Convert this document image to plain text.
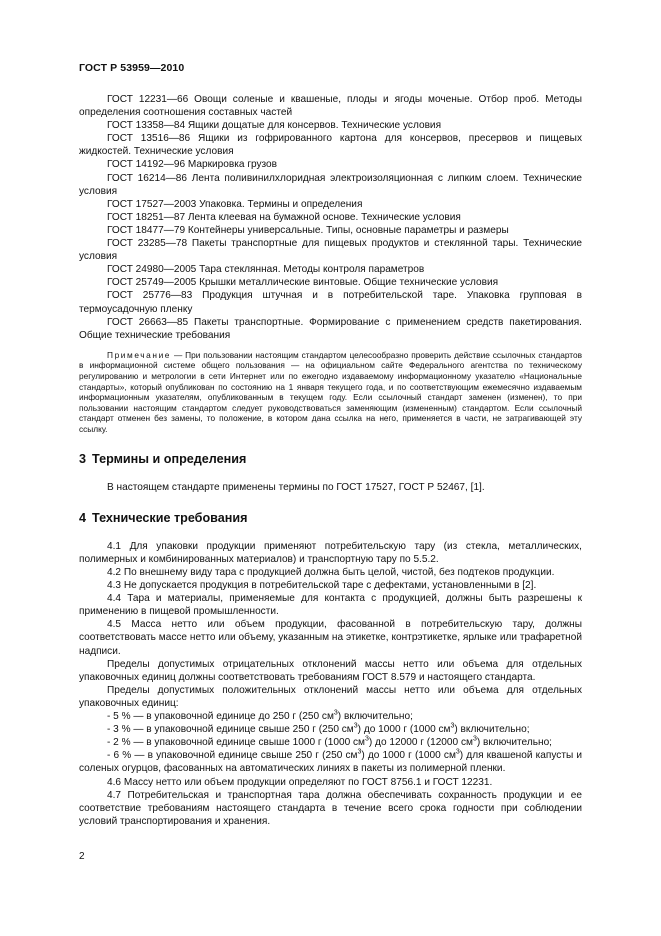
ГОСТ Р 53959—2010

ГОСТ 12231—66 Овощи соленые и квашеные, плоды и ягоды моченые. Отбор проб. Методы определения соотношения составных частей

ГОСТ 13358—84 Ящики дощатые для консервов. Технические условия

ГОСТ 13516—86 Ящики из гофрированного картона для консервов, пресервов и пищевых жидкостей. Технические условия

ГОСТ 14192—96 Маркировка грузов

ГОСТ 16214—86 Лента поливинилхлоридная электроизоляционная с липким слоем. Технические условия

ГОСТ 17527—2003 Упаковка. Термины и определения

ГОСТ 18251—87 Лента клеевая на бумажной основе. Технические условия

ГОСТ 18477—79 Контейнеры универсальные. Типы, основные параметры и размеры

ГОСТ 23285—78 Пакеты транспортные для пищевых продуктов и стеклянной тары. Технические условия

ГОСТ 24980—2005 Тара стеклянная. Методы контроля параметров

ГОСТ 25749—2005 Крышки металлические винтовые. Общие технические условия

ГОСТ 25776—83 Продукция штучная и в потребительской таре. Упаковка групповая в термоусадочную пленку

ГОСТ 26663—85 Пакеты транспортные. Формирование с применением средств пакетирования. Общие технические требования

Примечание — При пользовании настоящим стандартом целесообразно проверить действие ссылочных стандартов в информационной системе общего пользования — на официальном сайте Федерального агентства по техническому регулированию и метрологии в сети Интернет или по ежегодно издаваемому информационному указателю «Национальные стандарты», который опубликован по состоянию на 1 января текущего года, и по соответствующим ежемесячно издаваемым информационным указателям, опубликованным в текущем году. Если ссылочный стандарт заменен (изменен), то при пользовании настоящим стандартом следует руководствоваться заменяющим (измененным) стандартом. Если ссылочный стандарт отменен без замены, то положение, в котором дана ссылка на него, применяется в части, не затрагивающей эту ссылку.

3 Термины и определения

В настоящем стандарте применены термины по ГОСТ 17527, ГОСТ Р 52467, [1].

4 Технические требования

4.1 Для упаковки продукции применяют потребительскую тару (из стекла, металлических, полимерных и комбинированных материалов) и транспортную тару по 5.5.2.

4.2 По внешнему виду тара с продукцией должна быть целой, чистой, без подтеков продукции.

4.3 Не допускается продукция в потребительской таре с дефектами, установленными в [2].

4.4 Тара и материалы, применяемые для контакта с продукцией, должны быть разрешены к применению в пищевой промышленности.

4.5 Масса нетто или объем продукции, фасованной в потребительскую тару, должны соответствовать массе нетто или объему, указанным на этикетке, контрэтикетке, ярлыке или трафаретной надписи.

Пределы допустимых отрицательных отклонений массы нетто или объема для отдельных упаковочных единиц должны соответствовать требованиям ГОСТ 8.579 и настоящего стандарта.

Пределы допустимых положительных отклонений массы нетто или объема для отдельных упаковочных единиц:

- 5 % — в упаковочной единице до 250 г (250 $см^3$) включительно;

- 3 % — в упаковочной единице свыше 250 г (250 $см^3$) до 1000 г (1000 $см^3$) включительно;

- 2 % — в упаковочной единице свыше 1000 г (1000 $см^3$) до 12000 г (12000 $см^3$) включительно;

- 6 % — в упаковочной единице свыше 250 г (250 $см^3$) до 1000 г (1000 $см^3$) для квашеной капусты и соленых огурцов, фасованных на автоматических линиях в пакеты из полимерной пленки.

4.6 Массу нетто или объем продукции определяют по ГОСТ 8756.1 и ГОСТ 12231.

4.7 Потребительская и транспортная тара должна обеспечивать сохранность продукции и ее соответствие требованиям настоящего стандарта в течение всего срока годности при соблюдении условий транспортирования и хранения.

2
